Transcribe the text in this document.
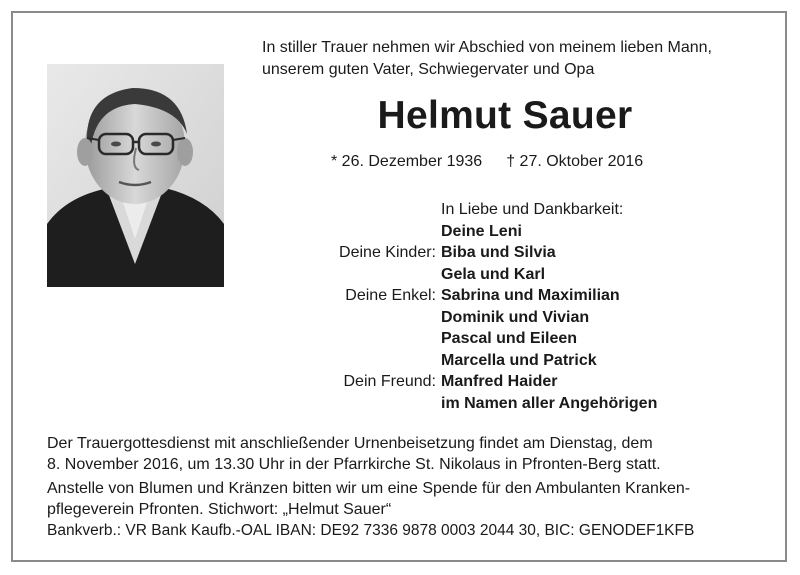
In stiller Trauer nehmen wir Abschied von meinem lieben Mann,
unserem guten Vater, Schwiegervater und Opa
Helmut Sauer
* 26. Dezember 1936 † 27. Oktober 2016
In Liebe und Dankbarkeit:
Deine Leni
Deine Kinder: Biba und Silvia
Gela und Karl
Deine Enkel: Sabrina und Maximilian
Dominik und Vivian
Pascal und Eileen
Marcella und Patrick
Dein Freund: Manfred Haider
im Namen aller Angehörigen
Der Trauergottesdienst mit anschließender Urnenbeisetzung findet am Dienstag, dem
8. November 2016, um 13.30 Uhr in der Pfarrkirche St. Nikolaus in Pfronten-Berg statt.
Anstelle von Blumen und Kränzen bitten wir um eine Spende für den Ambulanten Kranken-
pflegeverein Pfronten. Stichwort: „Helmut Sauer“
Bankverb.: VR Bank Kaufb.-OAL IBAN: DE92 7336 9878 0003 2044 30, BIC: GENODEF1KFB
